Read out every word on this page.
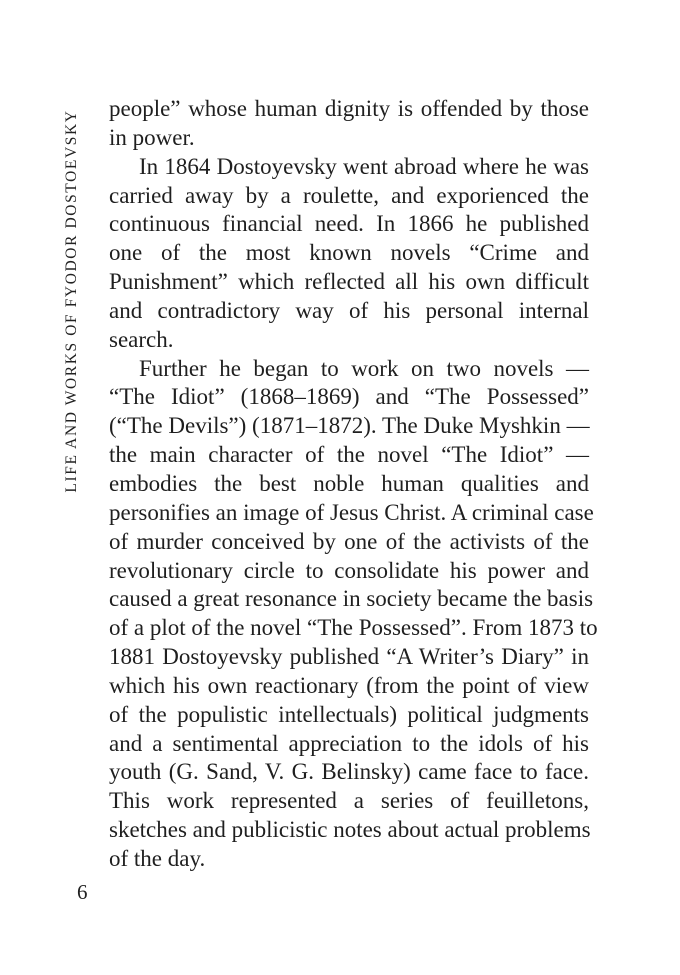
LIFE AND WORKS OF FYODOR DOSTOEVSKY
people” whose human dignity is offended by those
in power.
In 1864 Dostoyevsky went abroad where he was
carried away by a roulette, and exporienced the
continuous financial need. In 1866 he published
one of the most known novels “Crime and
Punishment” which reflected all his own difficult
and contradictory way of his personal internal
search.
Further he began to work on two novels —
“The Idiot” (1868–1869) and “The Possessed”
(“The Devils”) (1871–1872). The Duke Myshkin —
the main character of the novel “The Idiot” —
embodies the best noble human qualities and
personifies an image of Jesus Christ. A criminal case
of murder conceived by one of the activists of the
revolutionary circle to consolidate his power and
caused a great resonance in society became the basis
of a plot of the novel “The Possessed”. From 1873 to
1881 Dostoyevsky published “A Writer’s Diary” in
which his own reactionary (from the point of view
of the populistic intellectuals) political judgments
and a sentimental appreciation to the idols of his
youth (G. Sand, V. G. Belinsky) came face to face.
This work represented a series of feuilletons,
sketches and publicistic notes about actual problems
of the day.
6
